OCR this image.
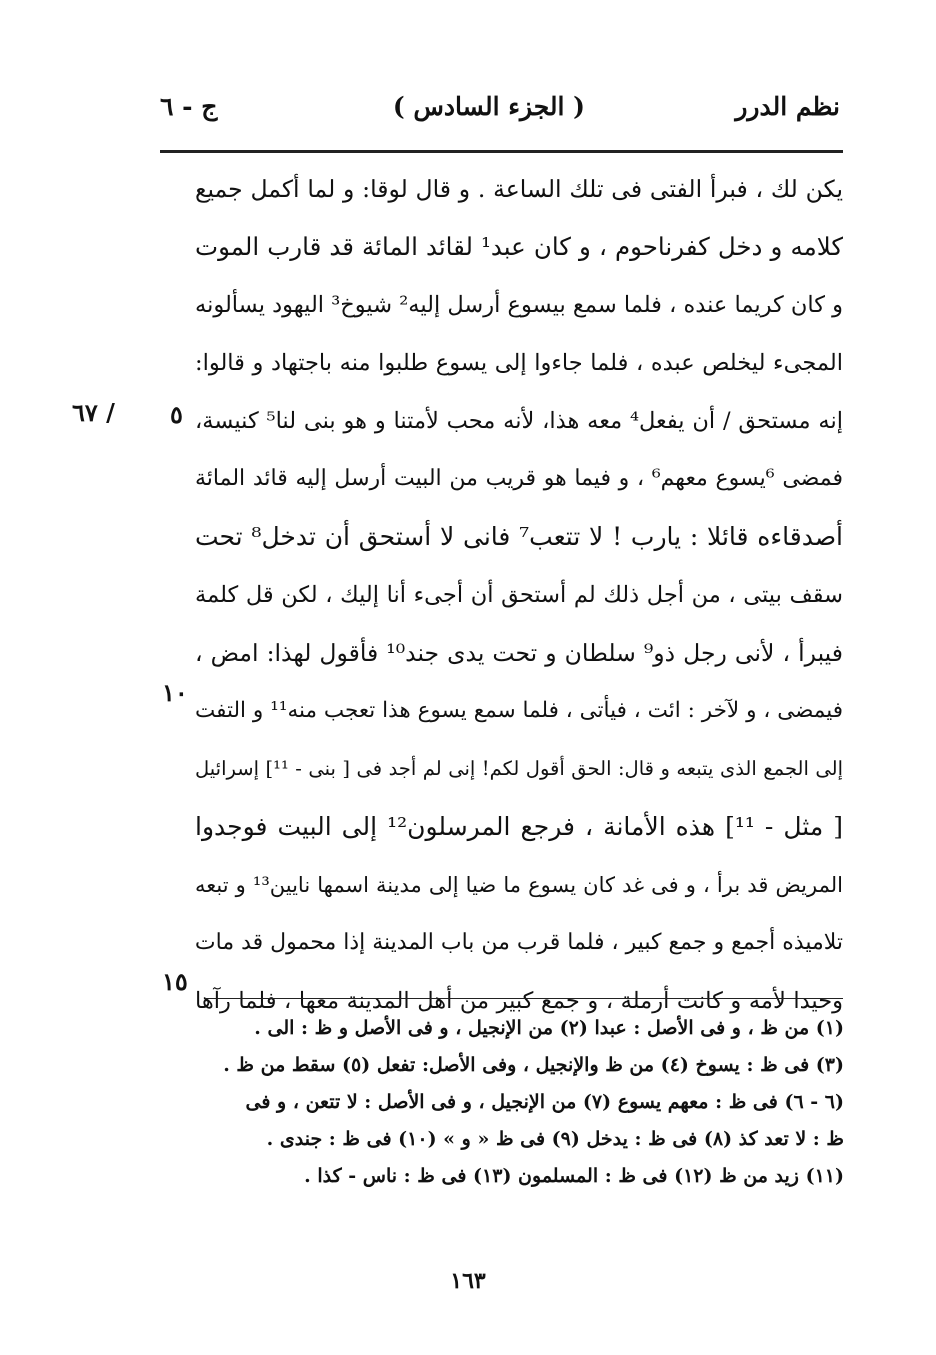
نظم الدرر
( الجزء السادس )
ج - ٦
يكن لك ، فبرأ الفتى فى تلك الساعة . و قال لوقا: و لما أكمل جميع
كلامه و دخل كفرناحوم ، و كان عبد¹ لقائد المائة قد قارب الموت
و كان كريما عنده ، فلما سمع بيسوع أرسل إليه² شيوخ³ اليهود يسألونه
المجىء ليخلص عبده ، فلما جاءوا إلى يسوع طلبوا منه باجتهاد و قالوا:
إنه مستحق / أن يفعل⁴ معه هذا، لأنه محب لأمتنا و هو بنى لنا⁵ كنيسة،
فمضى ⁶يسوع معهم⁶ ، و فيما هو قريب من البيت أرسل إليه قائد المائة
أصدقاءه قائلا : يارب ! لا تتعب⁷ فانى لا أستحق أن تدخل⁸ تحت
سقف بيتى ، من أجل ذلك لم أستحق أن أجىء أنا إليك ، لكن قل كلمة
فيبرأ ، لأنى رجل ذو⁹ سلطان و تحت يدى جند¹⁰ فأقول لهذا: امض ،
فيمضى ، و لآخر : ائت ، فيأتى ، فلما سمع يسوع هذا تعجب منه¹¹ و التفت
إلى الجمع الذى يتبعه و قال: الحق أقول لكم! إنى لم أجد فى [ بنى - ¹¹] إسرائيل
[ مثل - ¹¹] هذه الأمانة ، فرجع المرسلون¹² إلى البيت فوجدوا
المريض قد برأ ، و فى غد كان يسوع ما ضيا إلى مدينة اسمها نايين¹³ و تبعه
تلاميذه أجمع و جمع كبير ، فلما قرب من باب المدينة إذا محمول قد مات
وحيدا لأمه و كانت أرملة ، و جمع كبير من أهل المدينة معها ، فلما رآها
/ ٦٧ ٥
١٠
١٥
(١) من ظ ، و فى الأصل : عبدا (٢) من الإنجيل ، و فى الأصل و ظ : الى .
(٣) فى ظ : يسوخ (٤) من ظ والإنجيل ، وفى الأصل: تفعل (٥) سقط من ظ .
(٦ - ٦) فى ظ : معهم يسوع (٧) من الإنجيل ، و فى الأصل : لا تتعن ، و فى
ظ : لا تعد كذ (٨) فى ظ : يدخل (٩) فى ظ « و » (١٠) فى ظ : جندى .
(١١) زيد من ظ (١٢) فى ظ : المسلمون (١٣) فى ظ : ناس - كذا .
١٦٣
